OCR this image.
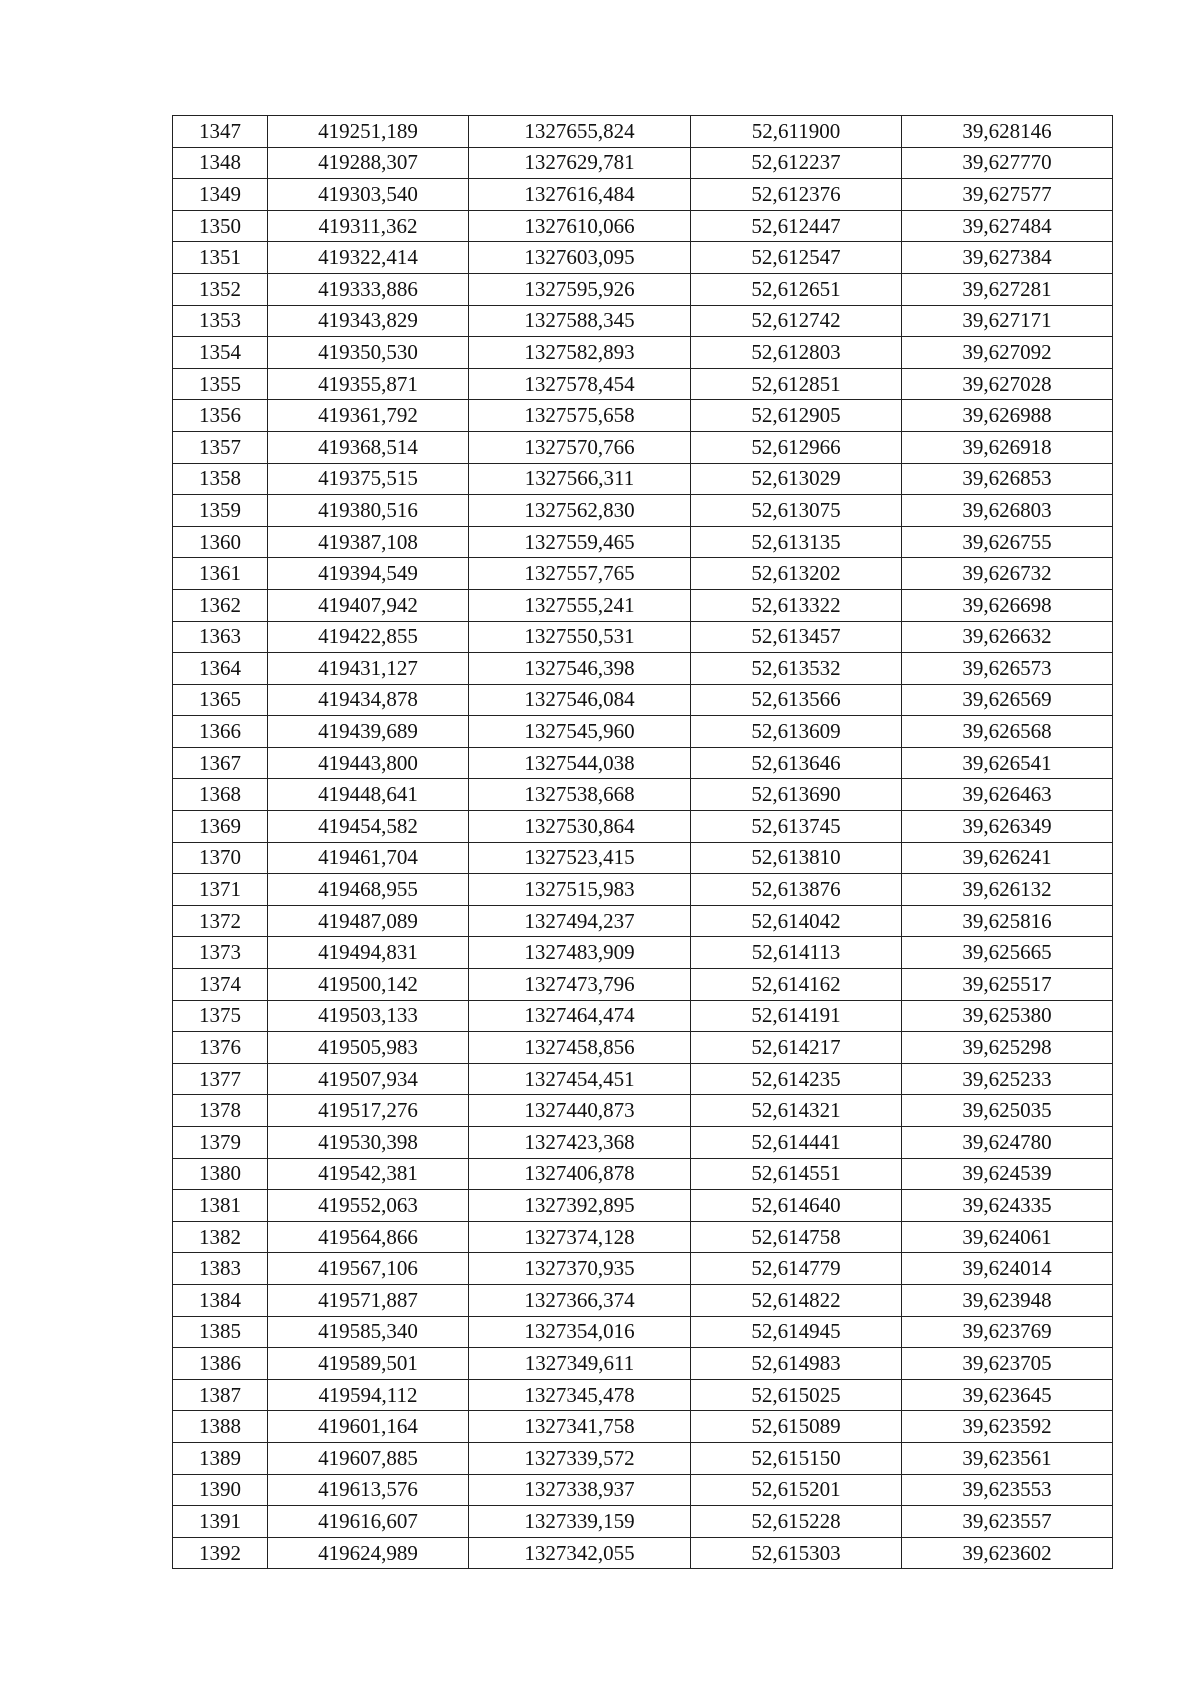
1347	419251,189	1327655,824	52,611900	39,628146
1348	419288,307	1327629,781	52,612237	39,627770
1349	419303,540	1327616,484	52,612376	39,627577
1350	419311,362	1327610,066	52,612447	39,627484
1351	419322,414	1327603,095	52,612547	39,627384
1352	419333,886	1327595,926	52,612651	39,627281
1353	419343,829	1327588,345	52,612742	39,627171
1354	419350,530	1327582,893	52,612803	39,627092
1355	419355,871	1327578,454	52,612851	39,627028
1356	419361,792	1327575,658	52,612905	39,626988
1357	419368,514	1327570,766	52,612966	39,626918
1358	419375,515	1327566,311	52,613029	39,626853
1359	419380,516	1327562,830	52,613075	39,626803
1360	419387,108	1327559,465	52,613135	39,626755
1361	419394,549	1327557,765	52,613202	39,626732
1362	419407,942	1327555,241	52,613322	39,626698
1363	419422,855	1327550,531	52,613457	39,626632
1364	419431,127	1327546,398	52,613532	39,626573
1365	419434,878	1327546,084	52,613566	39,626569
1366	419439,689	1327545,960	52,613609	39,626568
1367	419443,800	1327544,038	52,613646	39,626541
1368	419448,641	1327538,668	52,613690	39,626463
1369	419454,582	1327530,864	52,613745	39,626349
1370	419461,704	1327523,415	52,613810	39,626241
1371	419468,955	1327515,983	52,613876	39,626132
1372	419487,089	1327494,237	52,614042	39,625816
1373	419494,831	1327483,909	52,614113	39,625665
1374	419500,142	1327473,796	52,614162	39,625517
1375	419503,133	1327464,474	52,614191	39,625380
1376	419505,983	1327458,856	52,614217	39,625298
1377	419507,934	1327454,451	52,614235	39,625233
1378	419517,276	1327440,873	52,614321	39,625035
1379	419530,398	1327423,368	52,614441	39,624780
1380	419542,381	1327406,878	52,614551	39,624539
1381	419552,063	1327392,895	52,614640	39,624335
1382	419564,866	1327374,128	52,614758	39,624061
1383	419567,106	1327370,935	52,614779	39,624014
1384	419571,887	1327366,374	52,614822	39,623948
1385	419585,340	1327354,016	52,614945	39,623769
1386	419589,501	1327349,611	52,614983	39,623705
1387	419594,112	1327345,478	52,615025	39,623645
1388	419601,164	1327341,758	52,615089	39,623592
1389	419607,885	1327339,572	52,615150	39,623561
1390	419613,576	1327338,937	52,615201	39,623553
1391	419616,607	1327339,159	52,615228	39,623557
1392	419624,989	1327342,055	52,615303	39,623602
